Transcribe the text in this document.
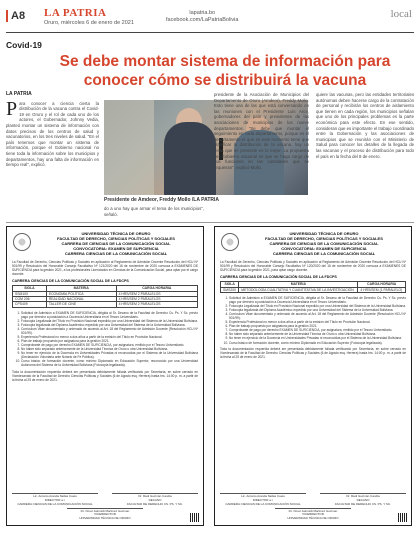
A8 LA PATRIA
Oruro, miércoles 6 de enero de 2021
lapatria.bo
facebook.com/LaPatriaBolivia	local
Covid-19
Se debe montar sistema de información para conocer cómo se distribuirá la vacuna

LA PATRIA

Para conocer a ciencia cierta la distribución de la vacuna contra el Covid-19 en Oruro y el rol de cada uno de los actores, el Gobernador, Johnny Vedia, planteó montar un sistema de información con datos precisos de los centros de salud y vacunatorios, en los tres niveles de salud. "En el país tenemos que montar un sistema de información, porque el Gobierno nacional no tiene toda la información sobre los municipios y departamentos, hay una falta de información en tiempo real", explicó.

Presidente de Amdeor, Freddy Mollo /LA PATRIA

do a uno hay que armar el tema de los municipios", señaló.

presidente de la Asociación de Municipios del Departamento de Oruro (Amdeor), Freddy Mollo. Esto tiene una de las que está conversando en las reuniones con el Presidente Luis Arce, gobernadores del país y presidentes de las asociaciones de municipios de los nueve departamentos. "Se debe que montar el seguimiento en cada departamento, porque es el departamento el que en este momento tiene que planificar la distribución de la vacuna, hay un tema que se pretende es lo mejor. La propuesta del Gobierno nacional es que se haga cargo de sus funciones en las cantidades que se requieran", explicó Mollo.

quiere las vacunas, pero las entidades territoriales autónomas deben hacerse cargo de la contratación de personal y recibirán los centros de aislamiento que tienen en cada región, los municipios señalan que uno de los principales problemas es la parte económica para este efecto. En ese sentido, consideran que es importante el trabajo coordinado entre la Gobernación y las asociaciones de municipios que se reunirán con el Ministerio de Salud para conocer los detalles de la llegada de las vacunas y el proceso de distribución para todo el país en la fecha del 8 de enero.

UNIVERSIDAD TÉCNICA DE ORURO
FACULTAD DE DERECHO, CIENCIAS POLÍTICAS Y SOCIALES
CARRERA DE CIENCIAS DE LA COMUNICACIÓN SOCIAL
CONVOCATORIA: EXAMEN DE SUFICIENCIA
CARRERA CIENCIAS DE LA COMUNICACIÓN SOCIAL
La Facultad de Derecho, Ciencias Políticas y Sociales en aplicación al Reglamento de Admisión Docente Resolución del HCU Nº 501/99 y Resolución del Honorable Consejo Facultativo Nº 121/2020 del 16 de noviembre de 2020 convoca a EXÁMENES DE SUFICIENCIA para la gestión 2021, a los profesionales Licenciados en Ciencias de la Comunicación Social, para optar por el cargo docente.
CARRERA CIENCIAS DE LA COMUNICACIÓN SOCIAL DE LA FDCPS
SIGLA	MATERIA	CARGA HORARIA
SSM100	ECONOMÍA POLÍTICA	4 HRS/SEM 2 PARALELOS
COM 206	REALIDAD NACIONAL	4 HRS/SEM 2 PARALELOS
CPS409	TALLER DE CINE	4 HRS/SEM 2 PARALELOS
1. Solicitud de Admisión a EXAMEN DE SUFICIENCIA, dirigida al Sr. Decano de la Facultad de Derecho Cs. Ps. Y Sc. previo pago por derecho a postulación a Docencia Universitaria en el Tesoro Universitario.
2. Fotocopia Legalizada del Título en Provisión Nacional expedido por una Universidad del Sistema de la Universidad Boliviana.
3. Fotocopia legalizada del Diploma Académico expedido por una Universidad del Sistema de la Universidad Boliviana.
4. Currículum Vitae documentado y ordenado de acuerdo al Art. 18 del Reglamento de Admisión Docente (Resolución HCU Nº 501/99).
5. Experiencia Profesional no menor a dos años a partir de la emisión del Título en Provisión Nacional.
6. Plan de trabajo propuesto por asignatura para la gestión 2021.
7. Comprobante de pago por derecho EXAMEN DE SUFICIENCIA, por asignatura, emitido por el Tesoro Universitario.
8. No haber sido separado anteriormente de la Universidad Técnica de Oruro u otra Universidad Boliviana.
9. No tener en ejercicio de la Docencia en Universidades Privadas ni reconocidas por el Sistema de la Universidad Boliviana (Declaración Voluntaria ante Notario de Fe Pública).
10. Curso básico de formación docente, como mínimo Diplomado en Educación Superior, reconocido por una Universidad Autónoma del Sistema de la Universidad Boliviana (Fotocopia legalizada).
Toda la documentación requerida deberá ser presentada debidamente foliada verificando por Secretaría, en sobre cerrado en Vicedecanato de la Facultad de Derecho Ciencias Políticas y Sociales (6 de Agosto esq. Herrera) hasta hrs. 14:00 p. m. a partir de la fecha al 25 de enero de 2021.
Lic. Antonio Aranda Nellas Cueto
DIRECTOR a.i.
CARRERA CIENCIAS DE LA COMUNICACIÓN SOCIAL
Dr. Raúl Guzmán Candia
DECANO
FACULTAD DE DERECHO CS. PS. Y SC.
Dr. Omar Jaimoldi Martínez Guzman
VICERRECTOR
UNIVERSIDAD TÉCNICA DE ORURO
UNIVERSIDAD TÉCNICA DE ORURO
FACULTAD DE DERECHO, CIENCIAS POLÍTICAS Y SOCIALES
CARRERA DE CIENCIAS DE LA COMUNICACIÓN SOCIAL
CONVOCATORIA: EXAMEN DE SUFICIENCIA
CARRERA CIENCIAS DE LA COMUNICACIÓN SOCIAL
La Facultad de Derecho, Ciencias Políticas y Sociales en aplicación al Reglamento de Admisión Docente Resolución del HCU Nº 501/99 y Resolución del Honorable Consejo Facultativo Nº 120/2020 del 16 de noviembre de 2020 convoca a EXÁMENES DE SUFICIENCIA para la gestión 2021, para optar cargo docente.
CARRERA CIENCIAS DE LA COMUNICACIÓN SOCIAL DE LA FDCPS
SIGLA	MATERIA	CARGA HORARIA
SMS200	METODOLOGÍA CUALITATIVA Y CUANTITATIVA DE LA INVESTIGACIÓN	4 HRS/SEM (1 PARALELO)
1. Solicitud de Admisión a EXAMEN DE SUFICIENCIA, dirigida al Sr. Decano de la Facultad de Derecho Cs. Ps. Y Sc. previo pago por derecho a postulación a Docencia Universitaria en el Tesoro Universitario.
2. Fotocopia Legalizada del Título en Provisión Nacional expedido por una Universidad del Sistema de la Universidad Boliviana.
3. Fotocopia legalizada del Diploma Académico expedido por una Universidad del Sistema de la Universidad Boliviana.
4. Currículum Vitae documentado y ordenado de acuerdo al Art. 18 del Reglamento de Admisión Docente (Resolución HCU Nº 501/99).
5. Experiencia Profesional no menor a dos años a partir de la emisión del Título en Provisión Nacional.
6. Plan de trabajo propuesto por asignatura para la gestión 2021.
7. Comprobante de pago por derecho EXAMEN DE SUFICIENCIA, por asignatura, emitido por el Tesoro Universitario.
8. No haber sido separado anteriormente de la Universidad Técnica de Oruro u otra Universidad Boliviana.
9. No tener en ejercicio de la Docencia en Universidades Privadas ni reconocidas por el Sistema de la Universidad Boliviana.
10. Curso básico de formación docente, como mínimo Diplomado en Educación Superior (Fotocopia legalizada).
Toda la documentación requerida deberá ser presentada debidamente foliada verificando por Secretaría, en sobre cerrado en Vicedecanato de la Facultad de Derecho Ciencias Políticas y Sociales (6 de Agosto esq. Herrera) hasta hrs. 14:00 p. m. a partir de la fecha al 25 de enero de 2021.
Lic. Antonio Aranda Nellas Cueto
DIRECTOR a.i.
CARRERA CIENCIAS DE LA COMUNICACIÓN SOCIAL
Dr. Raúl Guzmán Candia
DECANO
FACULTAD DE DERECHO CS. PS. Y SC.
Dr. Omar Jaimoldi Martínez Guzman
VICERRECTOR
UNIVERSIDAD TÉCNICA DE ORURO
